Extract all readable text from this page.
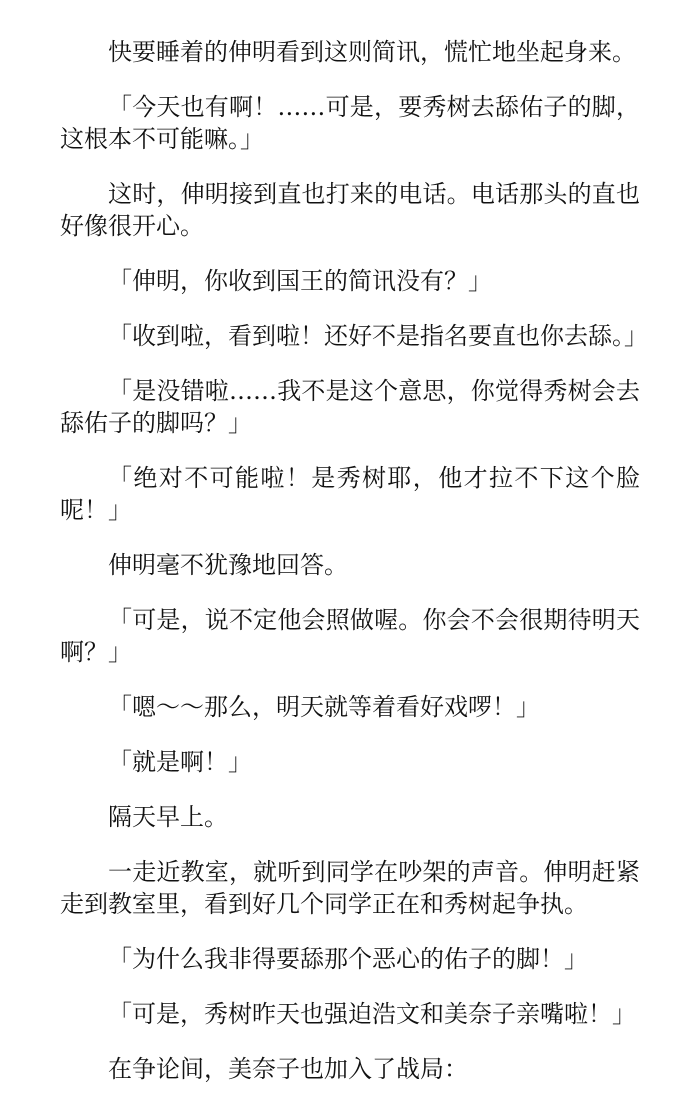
快要睡着的伸明看到这则简讯，慌忙地坐起身来。

「今天也有啊！……可是，要秀树去舔佑子的脚，这根本不可能嘛。」

这时，伸明接到直也打来的电话。电话那头的直也好像很开心。

「伸明，你收到国王的简讯没有？」

「收到啦，看到啦！还好不是指名要直也你去舔。」

「是没错啦……我不是这个意思，你觉得秀树会去舔佑子的脚吗？」

「绝对不可能啦！是秀树耶，他才拉不下这个脸呢！」

伸明毫不犹豫地回答。

「可是，说不定他会照做喔。你会不会很期待明天啊？」

「嗯～～那么，明天就等着看好戏啰！」

「就是啊！」

隔天早上。

一走近教室，就听到同学在吵架的声音。伸明赶紧走到教室里，看到好几个同学正在和秀树起争执。

「为什么我非得要舔那个恶心的佑子的脚！」

「可是，秀树昨天也强迫浩文和美奈子亲嘴啦！」

在争论间，美奈子也加入了战局：
